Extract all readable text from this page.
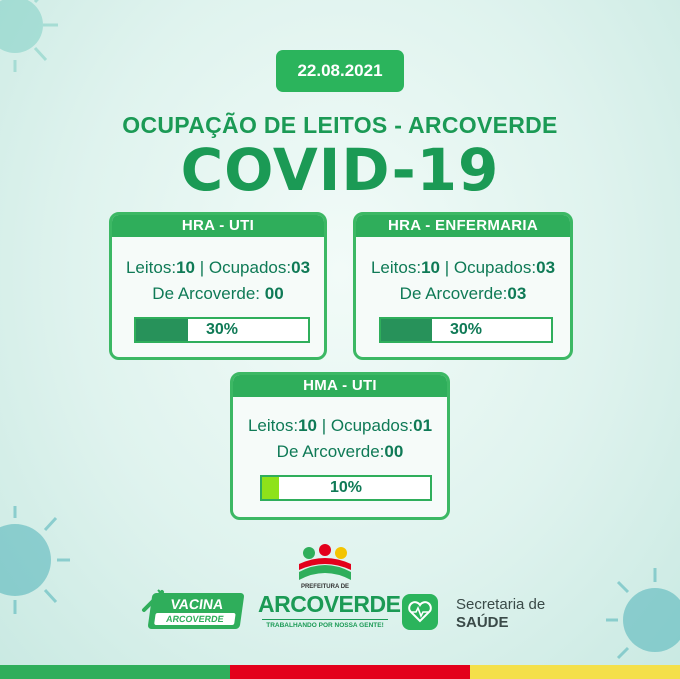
22.08.2021
OCUPAÇÃO DE LEITOS - ARCOVERDE
COVID-19
HRA - UTI
Leitos:10 | Ocupados:03
De Arcoverde: 00
30%
HRA - ENFERMARIA
Leitos:10 | Ocupados:03
De Arcoverde:03
30%
HMA - UTI
Leitos:10 | Ocupados:01
De Arcoverde:00
10%
VACINA
ARCOVERDE
PREFEITURA DE
ARCOVERDE
TRABALHANDO POR NOSSA GENTE!
Secretaria de
SAÚDE
